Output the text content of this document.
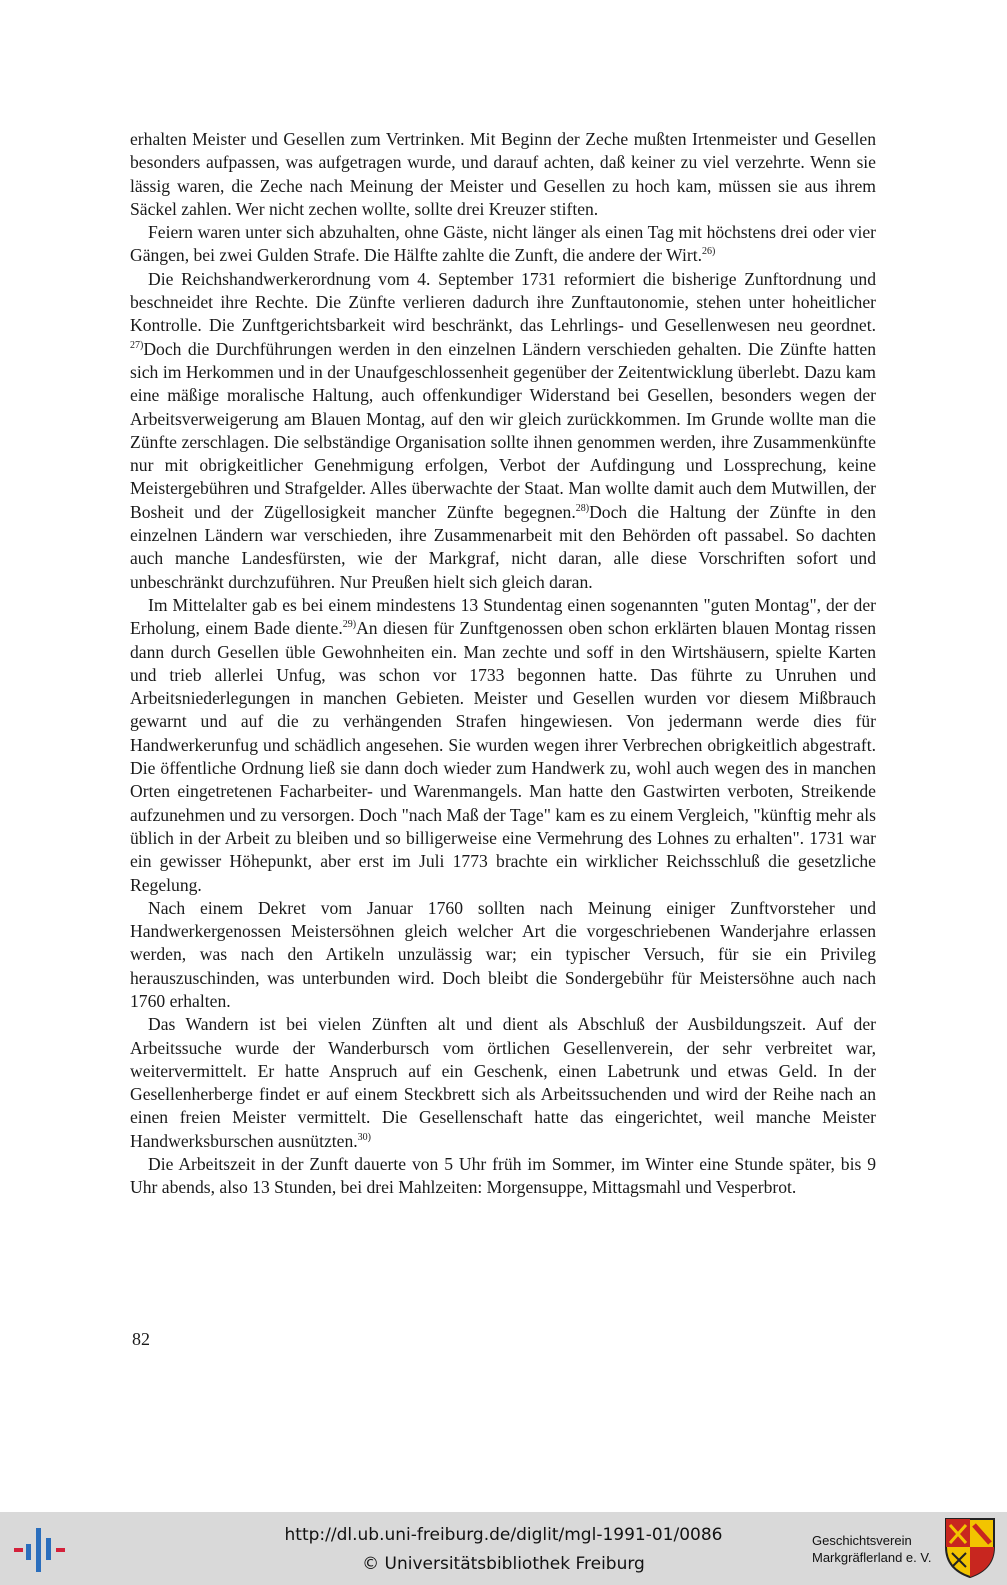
erhalten Meister und Gesellen zum Vertrinken. Mit Beginn der Zeche mußten Irtenmeister und Gesellen besonders aufpassen, was aufgetragen wurde, und darauf achten, daß keiner zu viel verzehrte. Wenn sie lässig waren, die Zeche nach Meinung der Meister und Gesellen zu hoch kam, müssen sie aus ihrem Säckel zahlen. Wer nicht zechen wollte, sollte drei Kreuzer stiften.

Feiern waren unter sich abzuhalten, ohne Gäste, nicht länger als einen Tag mit höchstens drei oder vier Gängen, bei zwei Gulden Strafe. Die Hälfte zahlte die Zunft, die andere der Wirt.$^{26)}$

Die Reichshandwerkerordnung vom 4. September 1731 reformiert die bisherige Zunftordnung und beschneidet ihre Rechte. Die Zünfte verlieren dadurch ihre Zunftautonomie, stehen unter hoheitlicher Kontrolle. Die Zunftgerichtsbarkeit wird beschränkt, das Lehrlings- und Gesellenwesen neu geordnet. $^{27)}$Doch die Durchführungen werden in den einzelnen Ländern verschieden gehalten. Die Zünfte hatten sich im Herkommen und in der Unaufgeschlossenheit gegenüber der Zeitentwicklung überlebt. Dazu kam eine mäßige moralische Haltung, auch offenkundiger Widerstand bei Gesellen, besonders wegen der Arbeitsverweigerung am Blauen Montag, auf den wir gleich zurückkommen. Im Grunde wollte man die Zünfte zerschlagen. Die selbständige Organisation sollte ihnen genommen werden, ihre Zusammenkünfte nur mit obrigkeitlicher Genehmigung erfolgen, Verbot der Aufdingung und Lossprechung, keine Meistergebühren und Strafgelder. Alles überwachte der Staat. Man wollte damit auch dem Mutwillen, der Bosheit und der Zügellosigkeit mancher Zünfte begegnen.$^{28)}$Doch die Haltung der Zünfte in den einzelnen Ländern war verschieden, ihre Zusammenarbeit mit den Behörden oft passabel. So dachten auch manche Landesfürsten, wie der Markgraf, nicht daran, alle diese Vorschriften sofort und unbeschränkt durchzuführen. Nur Preußen hielt sich gleich daran.

Im Mittelalter gab es bei einem mindestens 13 Stundentag einen sogenannten "guten Montag", der der Erholung, einem Bade diente.$^{29)}$An diesen für Zunftgenossen oben schon erklärten blauen Montag rissen dann durch Gesellen üble Gewohnheiten ein. Man zechte und soff in den Wirtshäusern, spielte Karten und trieb allerlei Unfug, was schon vor 1733 begonnen hatte. Das führte zu Unruhen und Arbeitsniederlegungen in manchen Gebieten. Meister und Gesellen wurden vor diesem Mißbrauch gewarnt und auf die zu verhängenden Strafen hingewiesen. Von jedermann werde dies für Handwerkerunfug und schädlich angesehen. Sie wurden wegen ihrer Verbrechen obrigkeitlich abgestraft. Die öffentliche Ordnung ließ sie dann doch wieder zum Handwerk zu, wohl auch wegen des in manchen Orten eingetretenen Facharbeiter- und Warenmangels. Man hatte den Gastwirten verboten, Streikende aufzunehmen und zu versorgen. Doch "nach Maß der Tage" kam es zu einem Vergleich, "künftig mehr als üblich in der Arbeit zu bleiben und so billigerweise eine Vermehrung des Lohnes zu erhalten". 1731 war ein gewisser Höhepunkt, aber erst im Juli 1773 brachte ein wirklicher Reichsschluß die gesetzliche Regelung.

Nach einem Dekret vom Januar 1760 sollten nach Meinung einiger Zunftvorsteher und Handwerkergenossen Meistersöhnen gleich welcher Art die vorgeschriebenen Wanderjahre erlassen werden, was nach den Artikeln unzulässig war; ein typischer Versuch, für sie ein Privileg herauszuschinden, was unterbunden wird. Doch bleibt die Sondergebühr für Meistersöhne auch nach 1760 erhalten.

Das Wandern ist bei vielen Zünften alt und dient als Abschluß der Ausbildungszeit. Auf der Arbeitssuche wurde der Wanderbursch vom örtlichen Gesellenverein, der sehr verbreitet war, weitervermittelt. Er hatte Anspruch auf ein Geschenk, einen Labetrunk und etwas Geld. In der Gesellenherberge findet er auf einem Steckbrett sich als Arbeitssuchenden und wird der Reihe nach an einen freien Meister vermittelt. Die Gesellenschaft hatte das eingerichtet, weil manche Meister Handwerksburschen ausnützten.$^{30)}$

Die Arbeitszeit in der Zunft dauerte von 5 Uhr früh im Sommer, im Winter eine Stunde später, bis 9 Uhr abends, also 13 Stunden, bei drei Mahlzeiten: Morgensuppe, Mittagsmahl und Vesperbrot.

82
http://dl.ub.uni-freiburg.de/diglit/mgl-1991-01/0086
© Universitätsbibliothek Freiburg
Geschichtsverein
Markgräflerland e. V.
